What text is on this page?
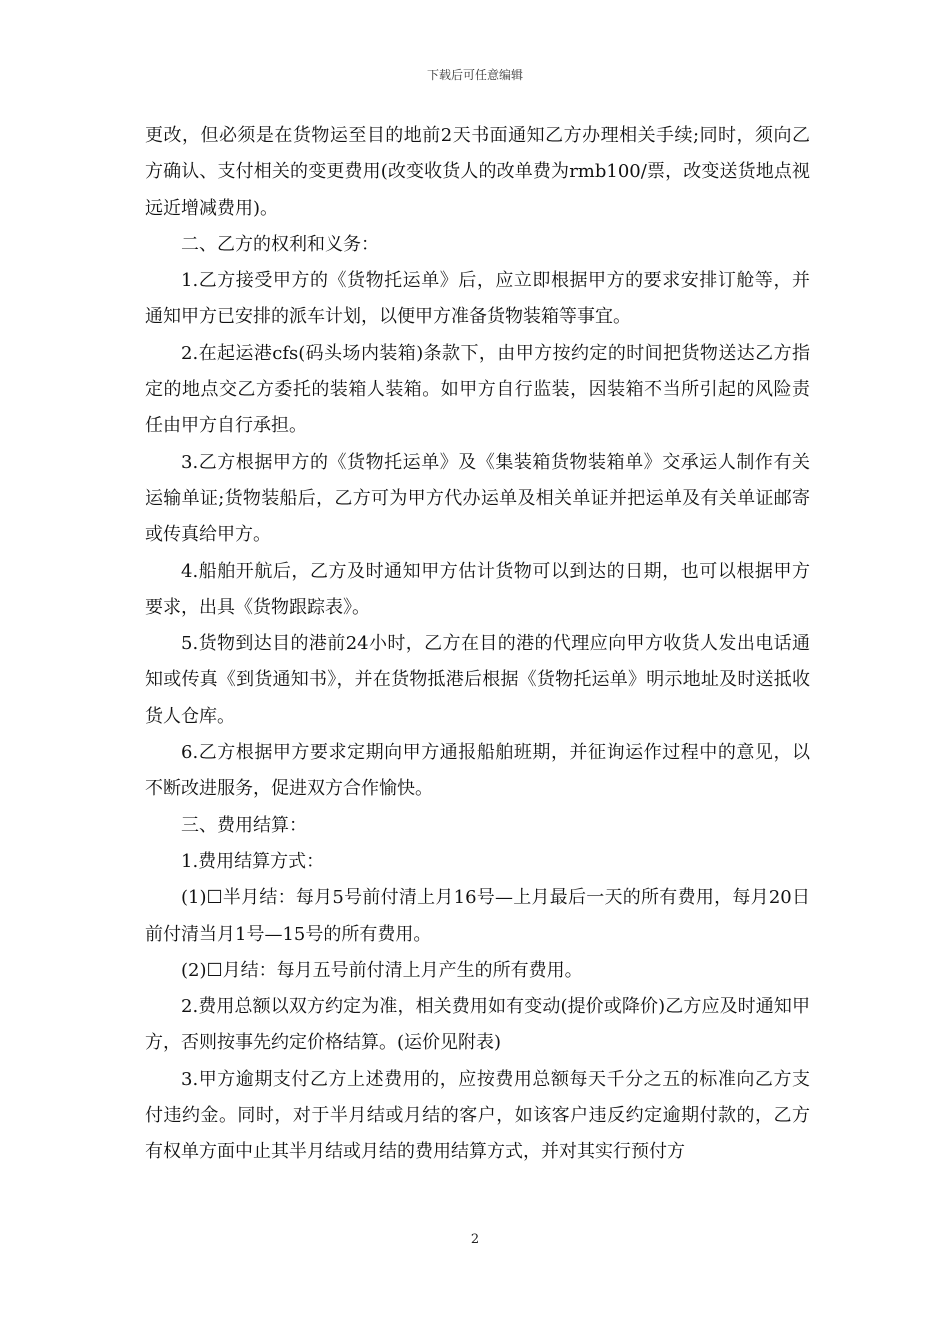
下载后可任意编辑

更改，但必须是在货物运至目的地前2天书面通知乙方办理相关手续;同时，须向乙方确认、支付相关的变更费用(改变收货人的改单费为rmb100/票，改变送货地点视远近增减费用)。

二、乙方的权利和义务：

1.乙方接受甲方的《货物托运单》后，应立即根据甲方的要求安排订舱等，并通知甲方已安排的派车计划，以便甲方准备货物装箱等事宜。

2.在起运港cfs(码头场内装箱)条款下，由甲方按约定的时间把货物送达乙方指定的地点交乙方委托的装箱人装箱。如甲方自行监装，因装箱不当所引起的风险责任由甲方自行承担。

3.乙方根据甲方的《货物托运单》及《集装箱货物装箱单》交承运人制作有关运输单证;货物装船后，乙方可为甲方代办运单及相关单证并把运单及有关单证邮寄或传真给甲方。

4.船舶开航后，乙方及时通知甲方估计货物可以到达的日期，也可以根据甲方要求，出具《货物跟踪表》。

5.货物到达目的港前24小时，乙方在目的港的代理应向甲方收货人发出电话通知或传真《到货通知书》，并在货物抵港后根据《货物托运单》明示地址及时送抵收货人仓库。

6.乙方根据甲方要求定期向甲方通报船舶班期，并征询运作过程中的意见，以不断改进服务，促进双方合作愉快。

三、费用结算：

1.费用结算方式：

(1)☐半月结：每月5号前付清上月16号—上月最后一天的所有费用，每月20日前付清当月1号—15号的所有费用。

(2)☐月结：每月五号前付清上月产生的所有费用。

2.费用总额以双方约定为准，相关费用如有变动(提价或降价)乙方应及时通知甲方，否则按事先约定价格结算。(运价见附表)

3.甲方逾期支付乙方上述费用的，应按费用总额每天千分之五的标准向乙方支付违约金。同时，对于半月结或月结的客户，如该客户违反约定逾期付款的，乙方有权单方面中止其半月结或月结的费用结算方式，并对其实行预付方

2
